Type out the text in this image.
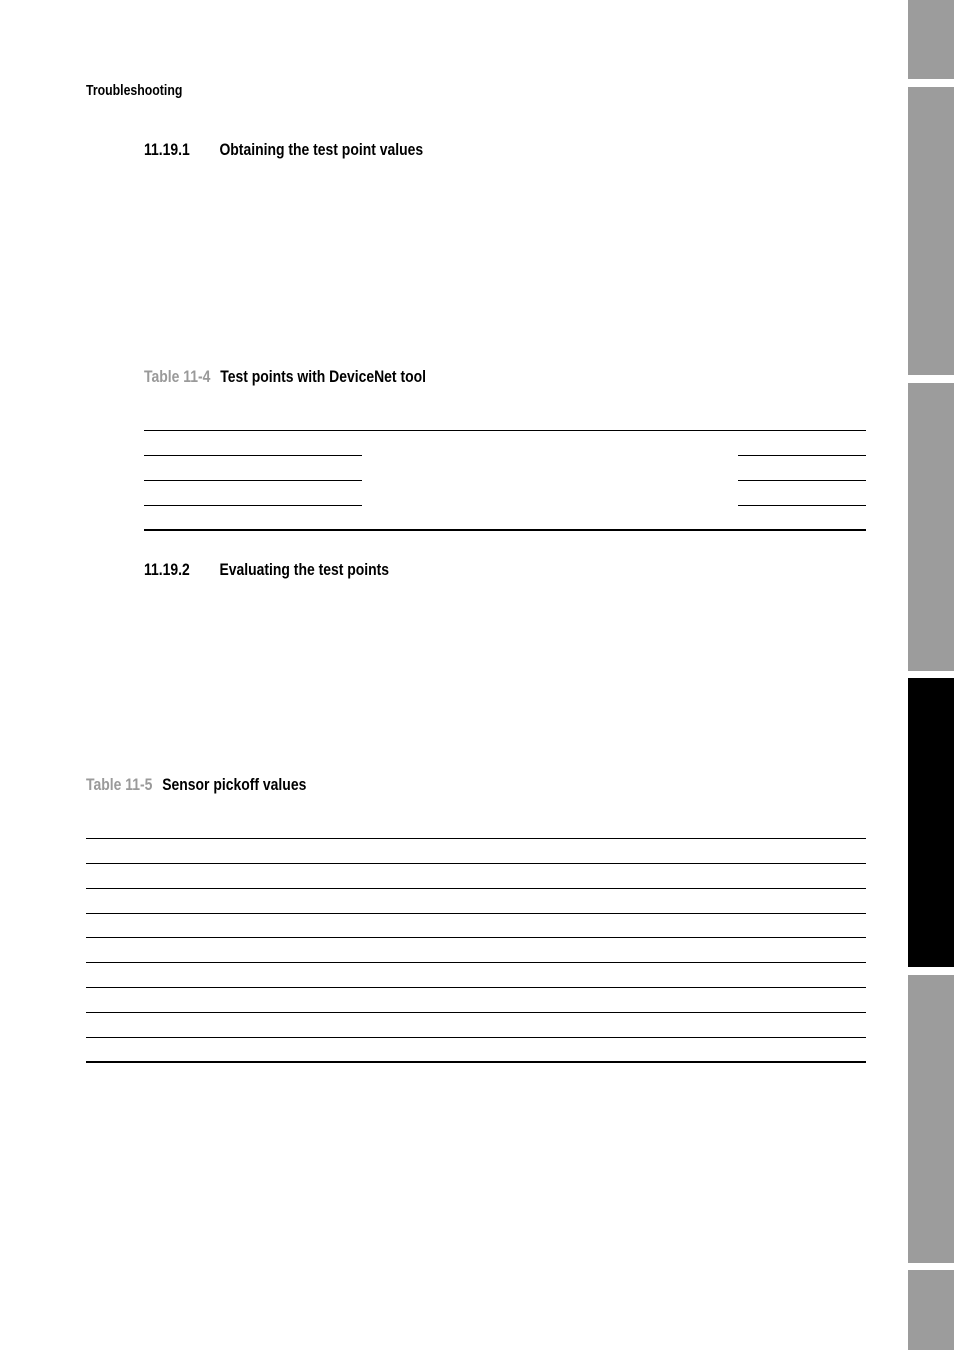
Troubleshooting
11.19.1 Obtaining the test point values
Table 11-4 Test points with DeviceNet tool
11.19.2 Evaluating the test points
Table 11-5 Sensor pickoff values
